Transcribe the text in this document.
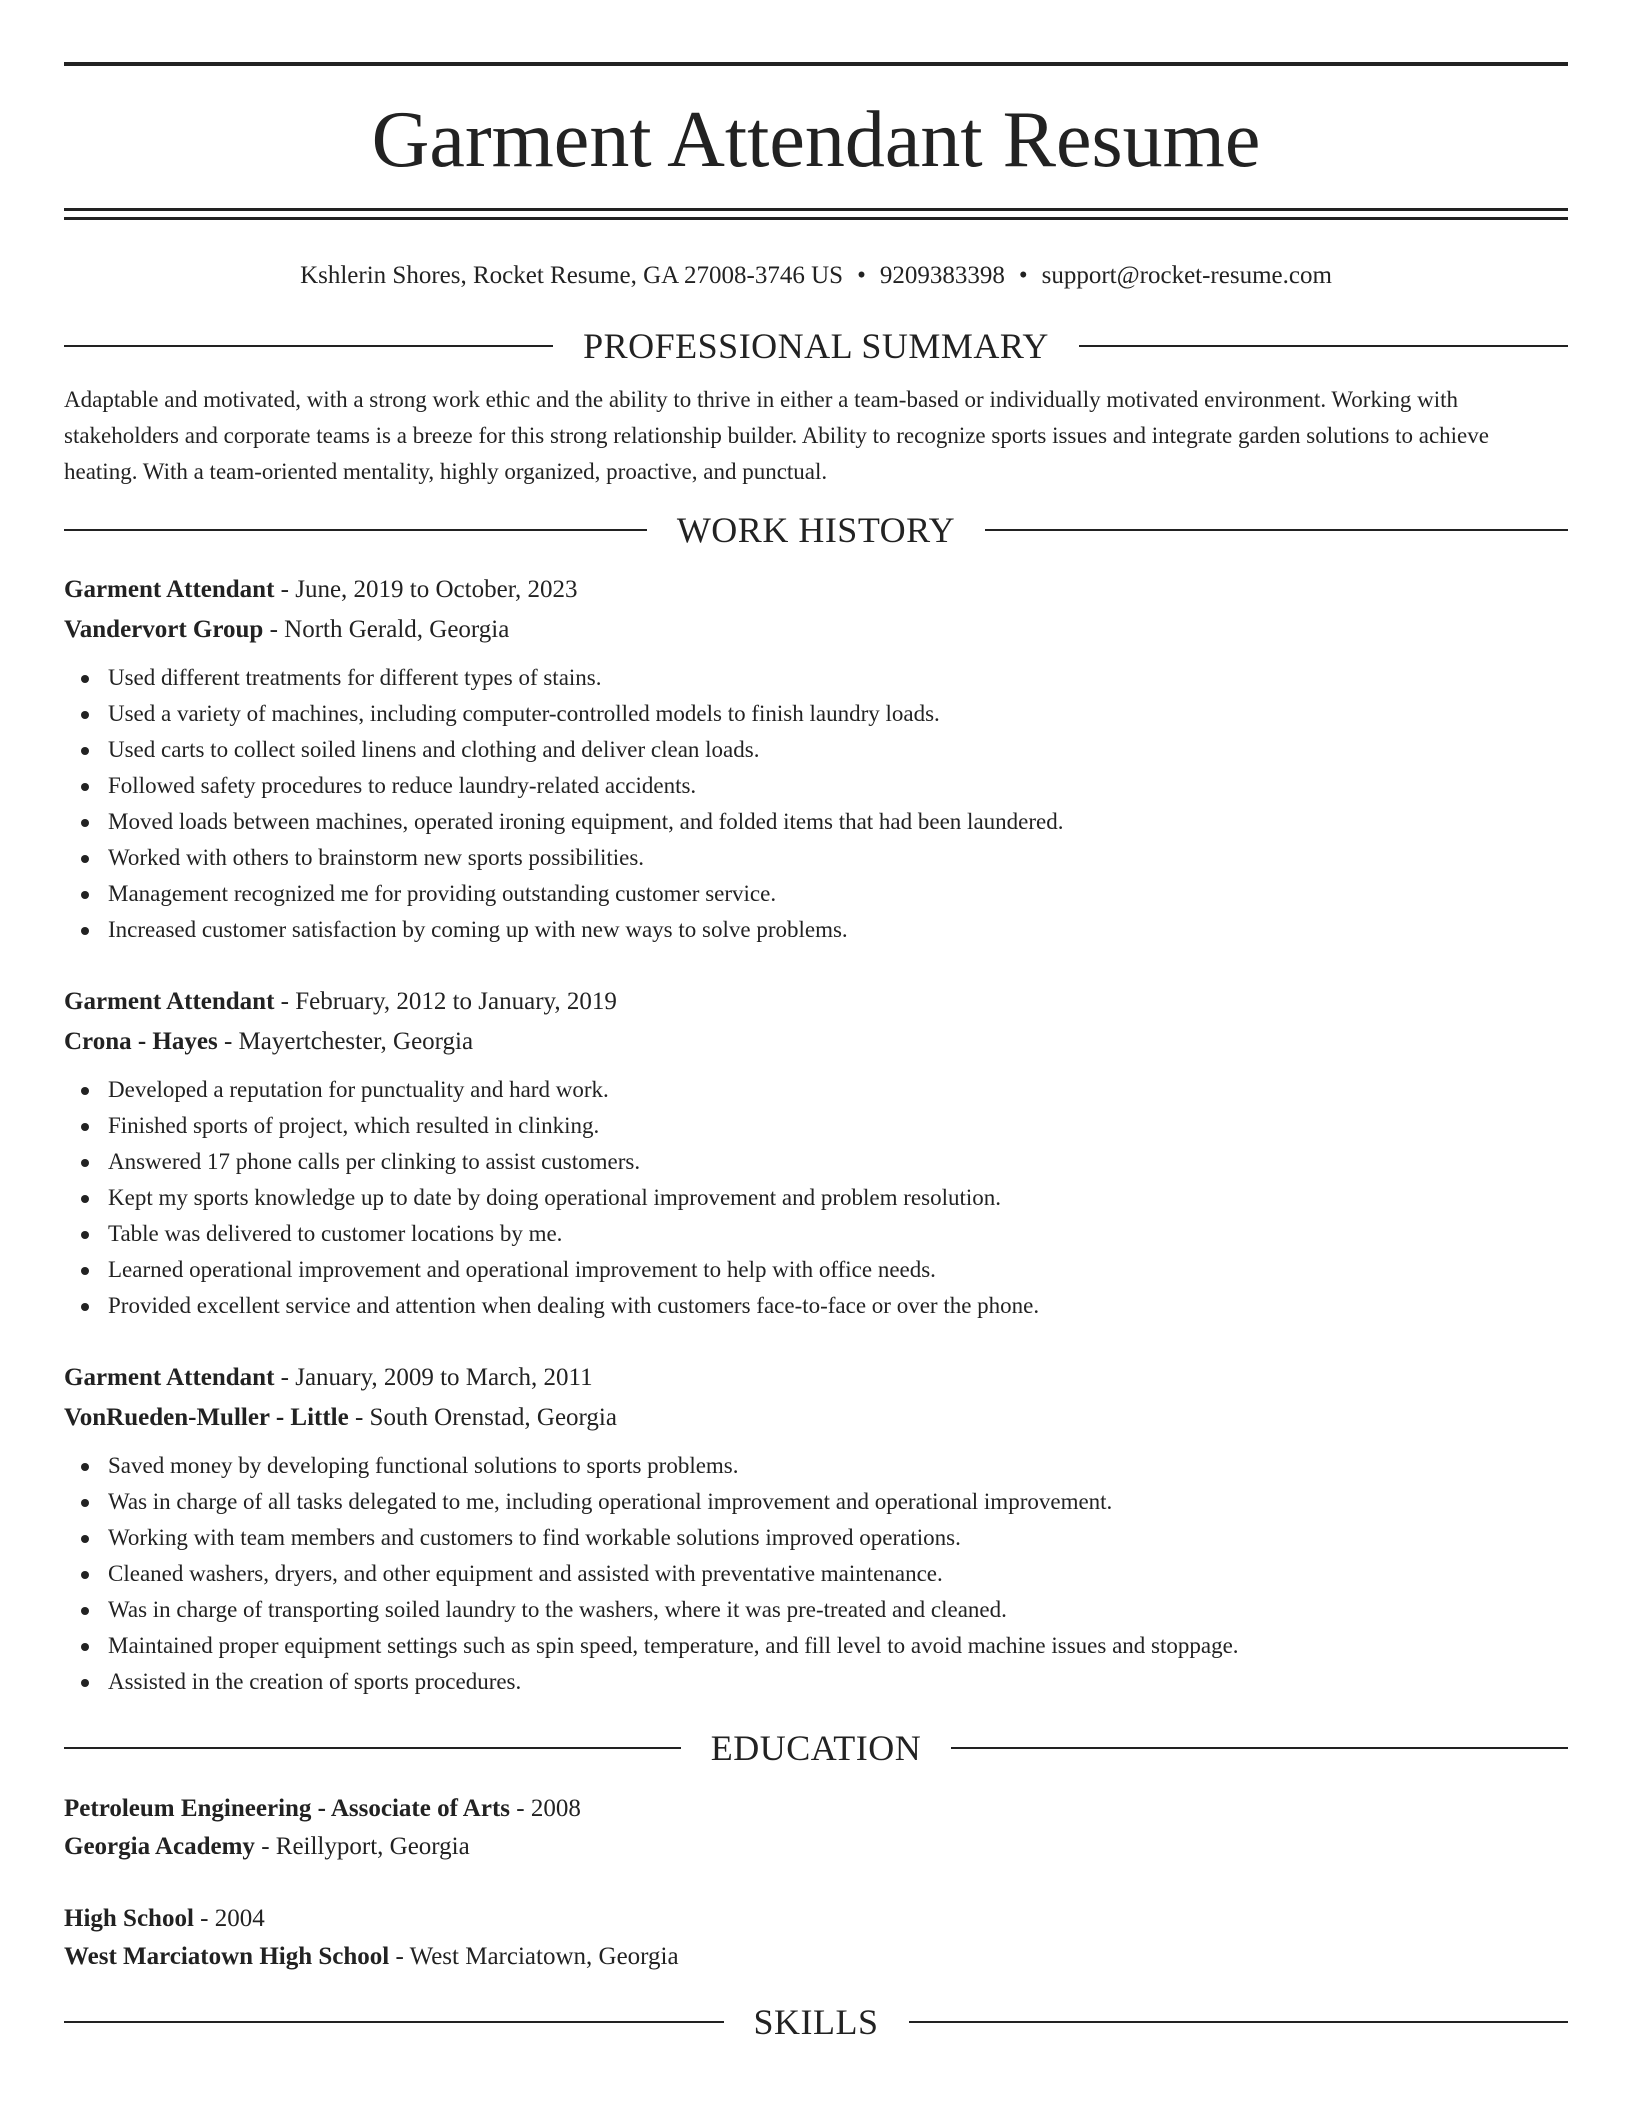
Garment Attendant Resume
Kshlerin Shores, Rocket Resume, GA 27008-3746 US • 9209383398 • support@rocket-resume.com
PROFESSIONAL SUMMARY
Adaptable and motivated, with a strong work ethic and the ability to thrive in either a team-based or individually motivated environment. Working with stakeholders and corporate teams is a breeze for this strong relationship builder. Ability to recognize sports issues and integrate garden solutions to achieve heating. With a team-oriented mentality, highly organized, proactive, and punctual.
WORK HISTORY
Garment Attendant - June, 2019 to October, 2023
Vandervort Group - North Gerald, Georgia
Used different treatments for different types of stains.
Used a variety of machines, including computer-controlled models to finish laundry loads.
Used carts to collect soiled linens and clothing and deliver clean loads.
Followed safety procedures to reduce laundry-related accidents.
Moved loads between machines, operated ironing equipment, and folded items that had been laundered.
Worked with others to brainstorm new sports possibilities.
Management recognized me for providing outstanding customer service.
Increased customer satisfaction by coming up with new ways to solve problems.
Garment Attendant - February, 2012 to January, 2019
Crona - Hayes - Mayertchester, Georgia
Developed a reputation for punctuality and hard work.
Finished sports of project, which resulted in clinking.
Answered 17 phone calls per clinking to assist customers.
Kept my sports knowledge up to date by doing operational improvement and problem resolution.
Table was delivered to customer locations by me.
Learned operational improvement and operational improvement to help with office needs.
Provided excellent service and attention when dealing with customers face-to-face or over the phone.
Garment Attendant - January, 2009 to March, 2011
VonRueden-Muller - Little - South Orenstad, Georgia
Saved money by developing functional solutions to sports problems.
Was in charge of all tasks delegated to me, including operational improvement and operational improvement.
Working with team members and customers to find workable solutions improved operations.
Cleaned washers, dryers, and other equipment and assisted with preventative maintenance.
Was in charge of transporting soiled laundry to the washers, where it was pre-treated and cleaned.
Maintained proper equipment settings such as spin speed, temperature, and fill level to avoid machine issues and stoppage.
Assisted in the creation of sports procedures.
EDUCATION
Petroleum Engineering - Associate of Arts - 2008
Georgia Academy - Reillyport, Georgia
High School - 2004
West Marciatown High School - West Marciatown, Georgia
SKILLS
